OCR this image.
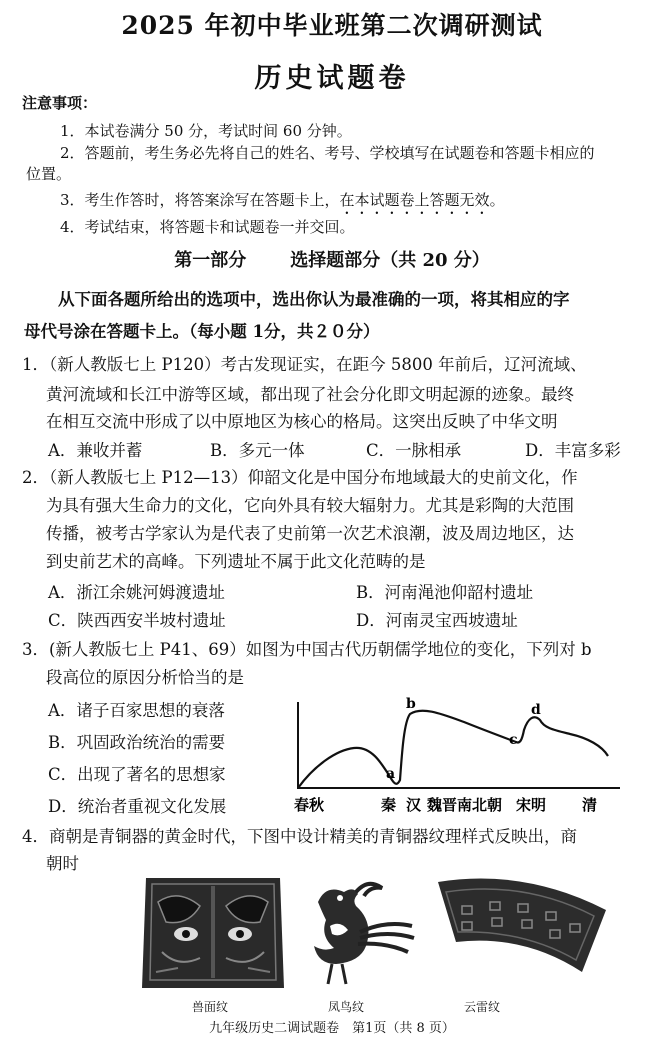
2025 年初中毕业班第二次调研测试
历史试题卷
注意事项：
1．本试卷满分 50 分，考试时间 60 分钟。
2．答题前，考生务必先将自己的姓名、考号、学校填写在试题卷和答题卡相应的
位置。
3．考生作答时，将答案涂写在答题卡上，在本试题卷上答题无效。
4．考试结束，将答题卡和试题卷一并交回。
第一部分 选择题部分（共 20 分）
从下面各题所给出的选项中，选出你认为最准确的一项，将其相应的字
母代号涂在答题卡上。（每小题 1分，共２０分）
1．（新人教版七上 P120）考古发现证实，在距今 5800 年前后，辽河流域、
黄河流域和长江中游等区域，都出现了社会分化即文明起源的迹象。最终
在相互交流中形成了以中原地区为核心的格局。这突出反映了中华文明
A．兼收并蓄	B．多元一体	C．一脉相承	D．丰富多彩
2．（新人教版七上 P12—13）仰韶文化是中国分布地域最大的史前文化，作
为具有强大生命力的文化，它向外具有较大辐射力。尤其是彩陶的大范围
传播，被考古学家认为是代表了史前第一次艺术浪潮，波及周边地区，达
到史前艺术的高峰。下列遗址不属于此文化范畴的是
A．浙江余姚河姆渡遗址	B．河南渑池仰韶村遗址
C．陕西西安半坡村遗址	D．河南灵宝西坡遗址
3．(新人教版七上 P41、69）如图为中国古代历朝儒学地位的变化，下列对 b
段高位的原因分析恰当的是
A．诸子百家思想的衰落
B．巩固政治统治的需要
C．出现了著名的思想家
D．统治者重视文化发展
a
b
c
d
春秋	秦 汉 魏晋南北朝 宋明 清
4．商朝是青铜器的黄金时代，下图中设计精美的青铜器纹理样式反映出，商
朝时
兽面纹	凤鸟纹	云雷纹
九年级历史二调试题卷　第1页（共 8 页）
